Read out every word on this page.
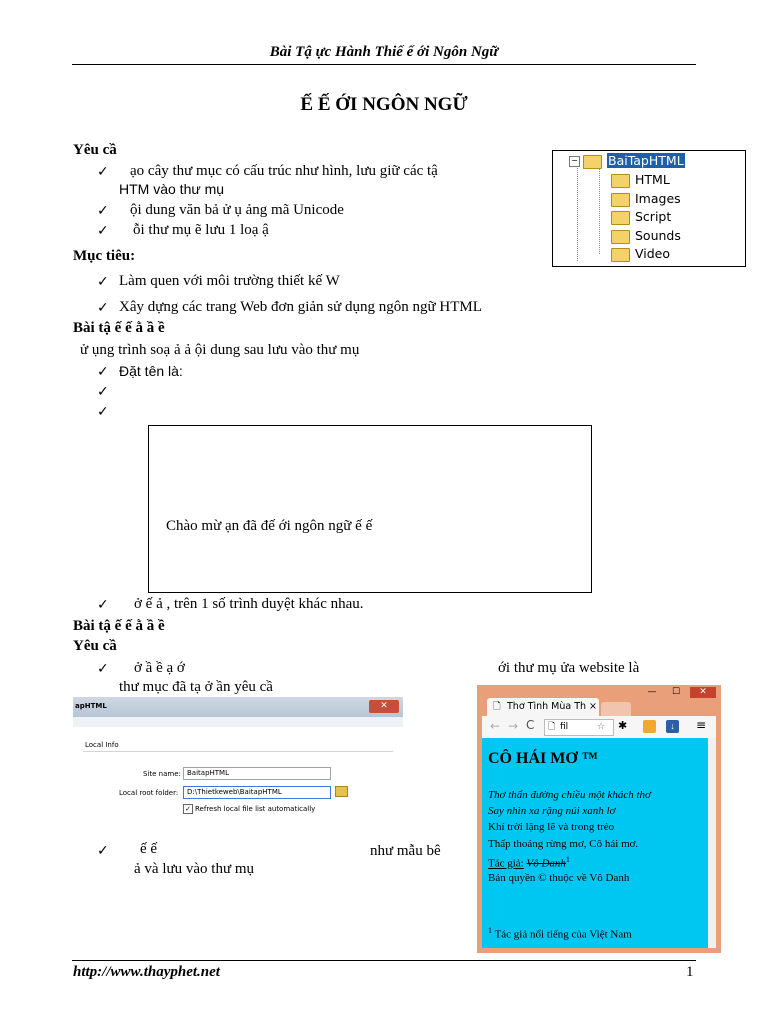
Bài Tậ ực Hành Thiế ế ới Ngôn Ngữ
Ế Ế ỚI NGÔN NGỮ
Yêu cầ
✓ ạo cây thư mục có cấu trúc như hình, lưu giữ các tậ
HTM vào thư mụ
✓ ội dung văn bả ử ụ ảng mã Unicode
✓ ỗi thư mụ ẽ lưu 1 loạ ậ
− BaiTapHTML
HTML
Images
Script
Sounds
Video
Mục tiêu:
✓ Làm quen với môi trường thiết kế W
✓ Xây dựng các trang Web đơn giản sử dụng ngôn ngữ HTML
Bài tậ ế ế ằ ầ ề
ử ụng trình soạ ả ả ội dung sau lưu vào thư mụ
✓ Đặt tên là:
✓
✓
Chào mừ ạn đã đế ới ngôn ngữ ế ế
✓ ở ế ả , trên 1 số trình duyệt khác nhau.
Bài tậ ế ế ằ ầ ề
Yêu cầ
✓ ở ầ ề ạ ớ	ới thư mụ ửa website là
thư mục đã tạ ở ần yêu cầ
apHTML	✕
Local Info
Site name: BaitapHTML
Local root folder: D:\Thietkeweb\BaitapHTML
✓ Refresh local file list automatically
✓ ế ế	như mẫu bê
ả và lưu vào thư mụ
—	☐	✕
🗋 Thơ Tình Mùa Th ×
← → C 🗋 fil	☆ ✱	↓	≡
CÔ HÁI MƠ ™
Thơ thẩn đường chiều một khách thơ
Say nhìn xa rặng núi xanh lơ
Khí trời lặng lẽ và trong trẻo
Thấp thoáng rừng mơ, Cô hái mơ.
Tác giả: Vô Danh$^1$
Bản quyền © thuộc về Vô Danh
$^1$ Tác giả nổi tiếng của Việt Nam
http://www.thayphet.net	1
